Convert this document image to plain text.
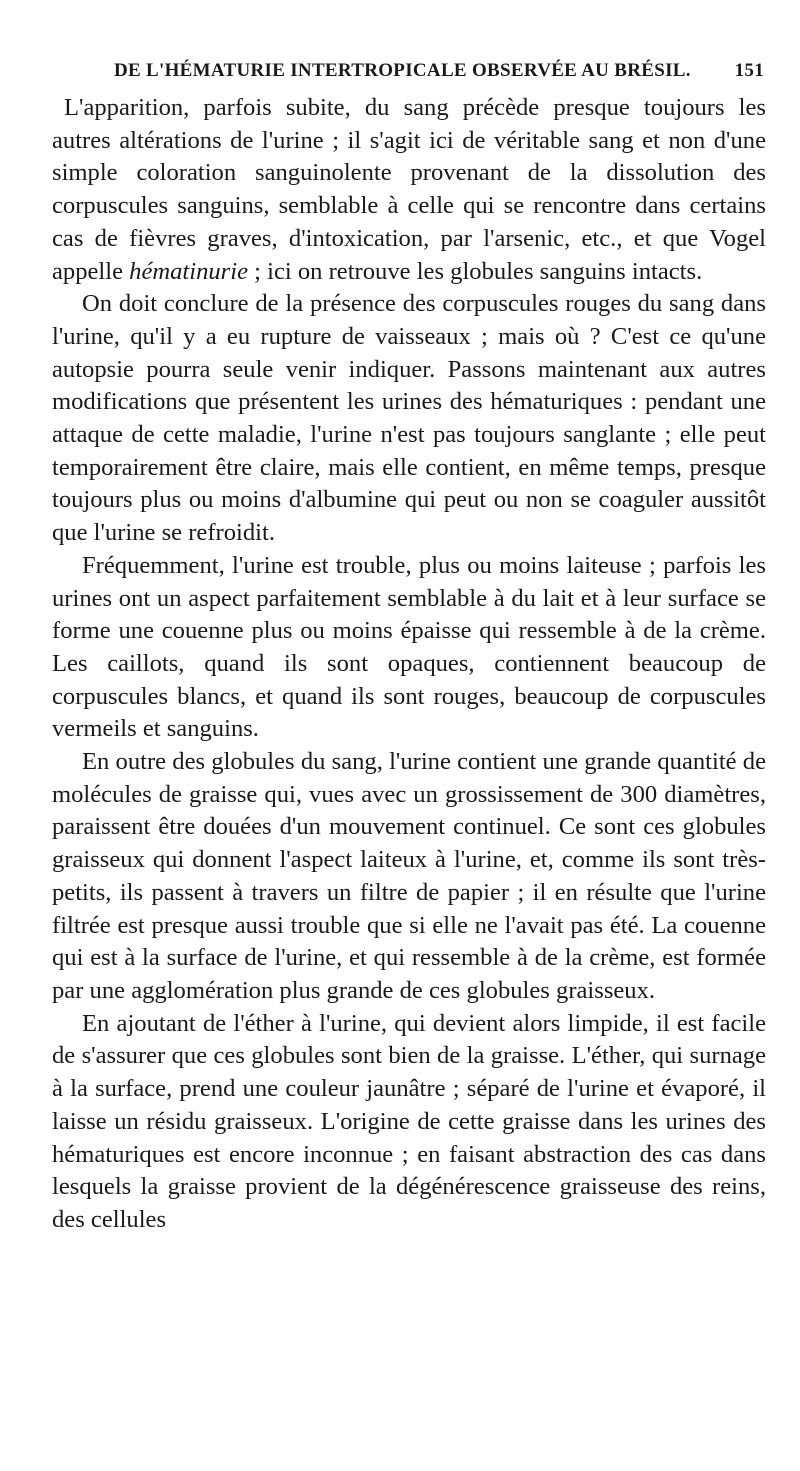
DE L'HÉMATURIE INTERTROPICALE OBSERVÉE AU BRÉSIL. 151

L'apparition, parfois subite, du sang précède presque toujours les autres altérations de l'urine ; il s'agit ici de véritable sang et non d'une simple coloration sanguinolente provenant de la dissolution des corpuscules sanguins, semblable à celle qui se rencontre dans certains cas de fièvres graves, d'intoxication, par l'arsenic, etc., et que Vogel appelle hématinurie ; ici on retrouve les globules sanguins intacts.

On doit conclure de la présence des corpuscules rouges du sang dans l'urine, qu'il y a eu rupture de vaisseaux ; mais où ? C'est ce qu'une autopsie pourra seule venir indiquer. Passons maintenant aux autres modifications que présentent les urines des hématuriques : pendant une attaque de cette maladie, l'urine n'est pas toujours sanglante ; elle peut temporairement être claire, mais elle contient, en même temps, presque toujours plus ou moins d'albumine qui peut ou non se coaguler aussitôt que l'urine se refroidit.

Fréquemment, l'urine est trouble, plus ou moins laiteuse ; parfois les urines ont un aspect parfaitement semblable à du lait et à leur surface se forme une couenne plus ou moins épaisse qui ressemble à de la crème. Les caillots, quand ils sont opaques, contiennent beaucoup de corpuscules blancs, et quand ils sont rouges, beaucoup de corpuscules vermeils et sanguins.

En outre des globules du sang, l'urine contient une grande quantité de molécules de graisse qui, vues avec un grossissement de 300 diamètres, paraissent être douées d'un mouvement continuel. Ce sont ces globules graisseux qui donnent l'aspect laiteux à l'urine, et, comme ils sont très-petits, ils passent à travers un filtre de papier ; il en résulte que l'urine filtrée est presque aussi trouble que si elle ne l'avait pas été. La couenne qui est à la surface de l'urine, et qui ressemble à de la crème, est formée par une agglomération plus grande de ces globules graisseux.

En ajoutant de l'éther à l'urine, qui devient alors limpide, il est facile de s'assurer que ces globules sont bien de la graisse. L'éther, qui surnage à la surface, prend une couleur jaunâtre ; séparé de l'urine et évaporé, il laisse un résidu graisseux. L'origine de cette graisse dans les urines des hématuriques est encore inconnue ; en faisant abstraction des cas dans lesquels la graisse provient de la dégénérescence graisseuse des reins, des cellules
